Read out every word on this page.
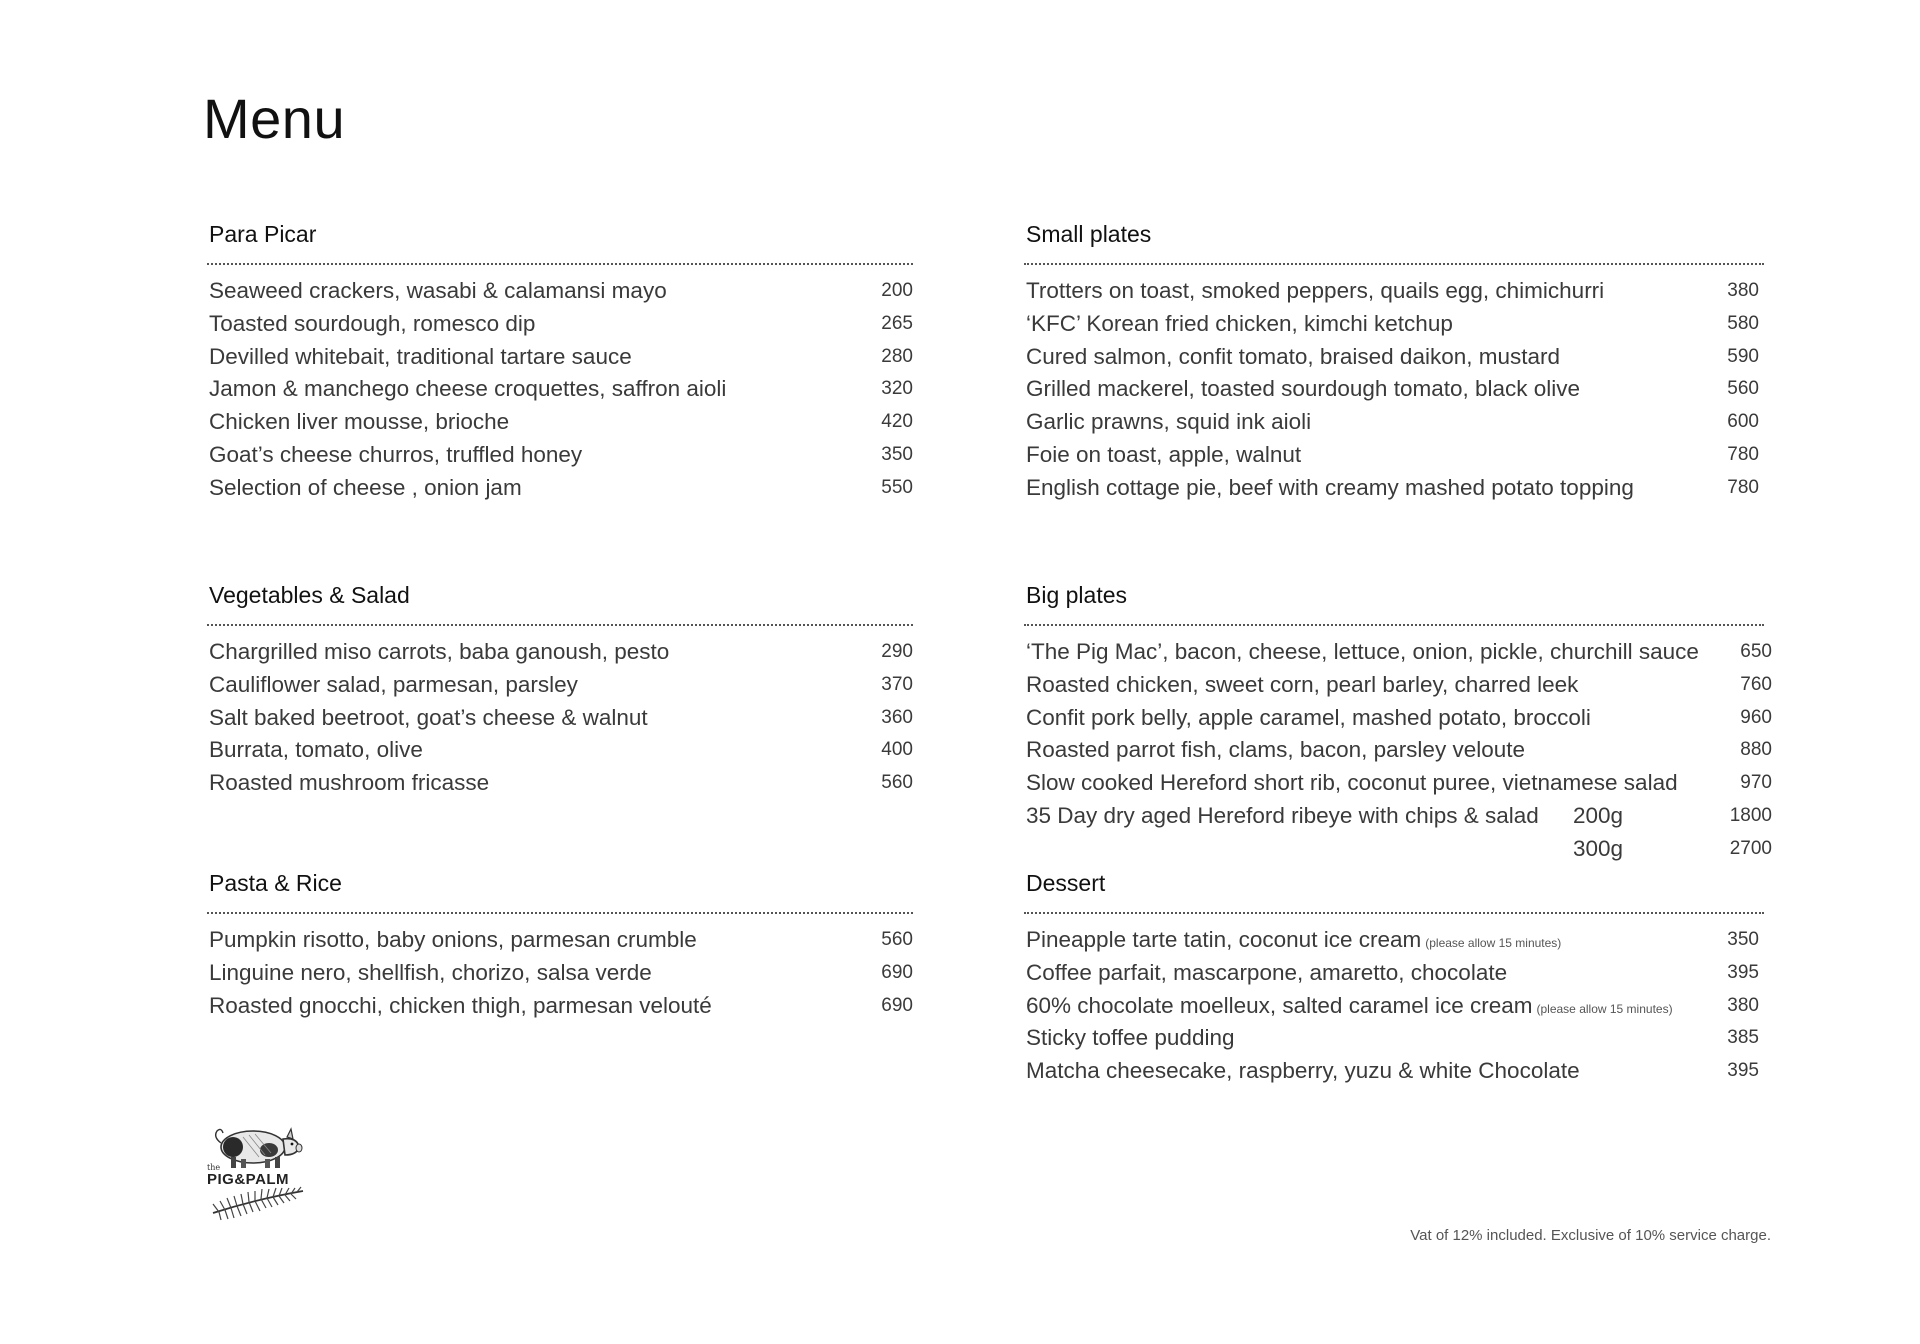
Menu
Para Picar
Seaweed crackers, wasabi & calamansi mayo	200
Toasted sourdough, romesco dip	265
Devilled whitebait, traditional tartare sauce	280
Jamon & manchego cheese croquettes, saffron aioli	320
Chicken liver mousse, brioche	420
Goat’s cheese churros, truffled honey	350
Selection of cheese , onion jam	550
Small plates
Trotters on toast, smoked peppers, quails egg, chimichurri	380
‘KFC’ Korean fried chicken, kimchi ketchup	580
Cured salmon, confit tomato, braised daikon, mustard	590
Grilled mackerel, toasted sourdough tomato, black olive	560
Garlic prawns, squid ink aioli	600
Foie on toast, apple, walnut	780
English cottage pie, beef with creamy mashed potato topping	780
Vegetables & Salad
Chargrilled miso carrots, baba ganoush, pesto	290
Cauliflower salad, parmesan, parsley	370
Salt baked beetroot, goat’s cheese & walnut	360
Burrata, tomato, olive	400
Roasted mushroom fricasse	560
Big plates
‘The Pig Mac’, bacon, cheese, lettuce, onion, pickle, churchill sauce 650
Roasted chicken, sweet corn, pearl barley, charred leek	760
Confit pork belly, apple caramel, mashed potato, broccoli	960
Roasted parrot fish, clams, bacon, parsley veloute	880
Slow cooked Hereford short rib, coconut puree, vietnamese salad	970
35 Day dry aged Hereford ribeye with chips & salad 200g	1800
300g	2700
Pasta & Rice
Pumpkin risotto, baby onions, parmesan crumble	560
Linguine nero, shellfish, chorizo, salsa verde	690
Roasted gnocchi, chicken thigh, parmesan velouté	690
Dessert
Pineapple tarte tatin, coconut ice cream (please allow 15 minutes)	350
Coffee parfait, mascarpone, amaretto, chocolate	395
60% chocolate moelleux, salted caramel ice cream (please allow 15 minutes)	380
Sticky toffee pudding	385
Matcha cheesecake, raspberry, yuzu & white Chocolate	395
the
PIG&PALM
Vat of 12% included. Exclusive of 10% service charge.
